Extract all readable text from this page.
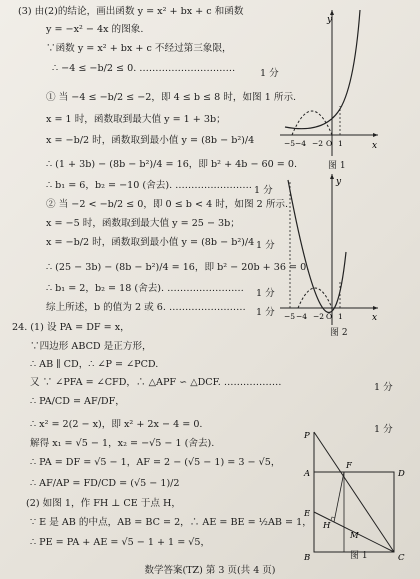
(3) 由(2)的结论，画出函数 y = x² + bx + c 和函数
y = −x² − 4x 的图象.
∵函数 y = x² + bx + c 不经过第三象限，
∴ −4 ≤ −b/2 ≤ 0. …………………………
① 当 −4 ≤ −b/2 ≤ −2，即 4 ≤ b ≤ 8 时，如图 1 所示.
x = 1 时，函数取到最大值 y = 1 + 3b；
x = −b/2 时，函数取到最小值 y = (8b − b²)/4
∴ (1 + 3b) − (8b − b²)/4 = 16，即 b² + 4b − 60 = 0.
∴ b₁ = 6，b₂ = −10 (舍去). ……………………
② 当 −2 < −b/2 ≤ 0，即 0 ≤ b < 4 时，如图 2 所示.
x = −5 时，函数取到最大值 y = 25 − 3b；
x = −b/2 时，函数取到最小值 y = (8b − b²)/4
∴ (25 − 3b) − (8b − b²)/4 = 16，即 b² − 20b + 36 = 0.
∴ b₁ = 2，b₂ = 18 (舍去). ……………………
综上所述，b 的值为 2 或 6. ……………………
24. (1) 设 PA = DF = x，
∵四边形 ABCD 是正方形，
∴ AB ∥ CD，∴ ∠P = ∠PCD.
又 ∵ ∠PFA = ∠CFD，∴ △APF ∽ △DCF. ………………
∴ PA/CD = AF/DF，
∴ x² = 2(2 − x)，即 x² + 2x − 4 = 0.
解得 x₁ = √5 − 1，x₂ = −√5 − 1 (舍去).
∴ PA = DF = √5 − 1，AF = 2 − (√5 − 1) = 3 − √5，
∴ AF/AP = FD/CD = (√5 − 1)/2
(2) 如图 1，作 FH ⊥ CE 于点 H，
∵ E 是 AB 的中点，AB = BC = 2，∴ AE = BE = ½AB = 1，
∴ PE = PA + AE = √5 − 1 + 1 = √5，
1 分
1 分
1 分
1 分
1 分
1 分
1 分
y
x
−5 −4 −2 O 1
图 1
y
x
−5 −4 −2 O 1
图 2
P
A
F
D
E
H
M
B	C
图 1
数学答案(TZ) 第 3 页(共 4 页)
